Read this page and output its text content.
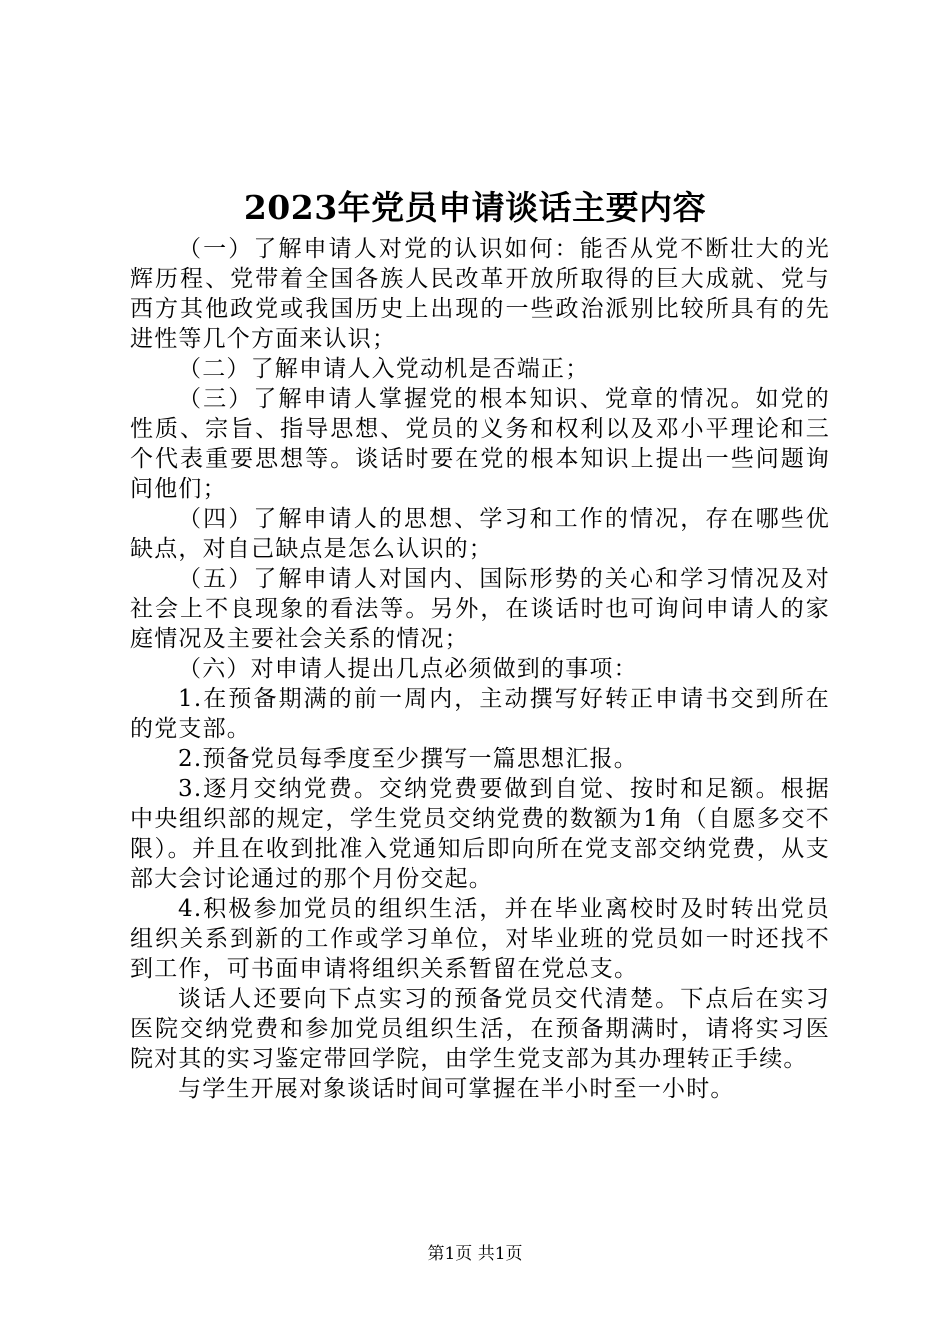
2023年党员申请谈话主要内容

（一）了解申请人对党的认识如何：能否从党不断壮大的光辉历程、党带着全国各族人民改革开放所取得的巨大成就、党与西方其他政党或我国历史上出现的一些政治派别比较所具有的先进性等几个方面来认识；

（二）了解申请人入党动机是否端正；

（三）了解申请人掌握党的根本知识、党章的情况。如党的性质、宗旨、指导思想、党员的义务和权利以及邓小平理论和三个代表重要思想等。谈话时要在党的根本知识上提出一些问题询问他们；

（四）了解申请人的思想、学习和工作的情况，存在哪些优缺点，对自己缺点是怎么认识的；

（五）了解申请人对国内、国际形势的关心和学习情况及对社会上不良现象的看法等。另外，在谈话时也可询问申请人的家庭情况及主要社会关系的情况；

（六）对申请人提出几点必须做到的事项：

1.在预备期满的前一周内，主动撰写好转正申请书交到所在的党支部。

2.预备党员每季度至少撰写一篇思想汇报。

3.逐月交纳党费。交纳党费要做到自觉、按时和足额。根据中央组织部的规定，学生党员交纳党费的数额为1角（自愿多交不限）。并且在收到批准入党通知后即向所在党支部交纳党费，从支部大会讨论通过的那个月份交起。

4.积极参加党员的组织生活，并在毕业离校时及时转出党员组织关系到新的工作或学习单位，对毕业班的党员如一时还找不到工作，可书面申请将组织关系暂留在党总支。

谈话人还要向下点实习的预备党员交代清楚。下点后在实习医院交纳党费和参加党员组织生活，在预备期满时，请将实习医院对其的实习鉴定带回学院，由学生党支部为其办理转正手续。

与学生开展对象谈话时间可掌握在半小时至一小时。

第1页 共1页
